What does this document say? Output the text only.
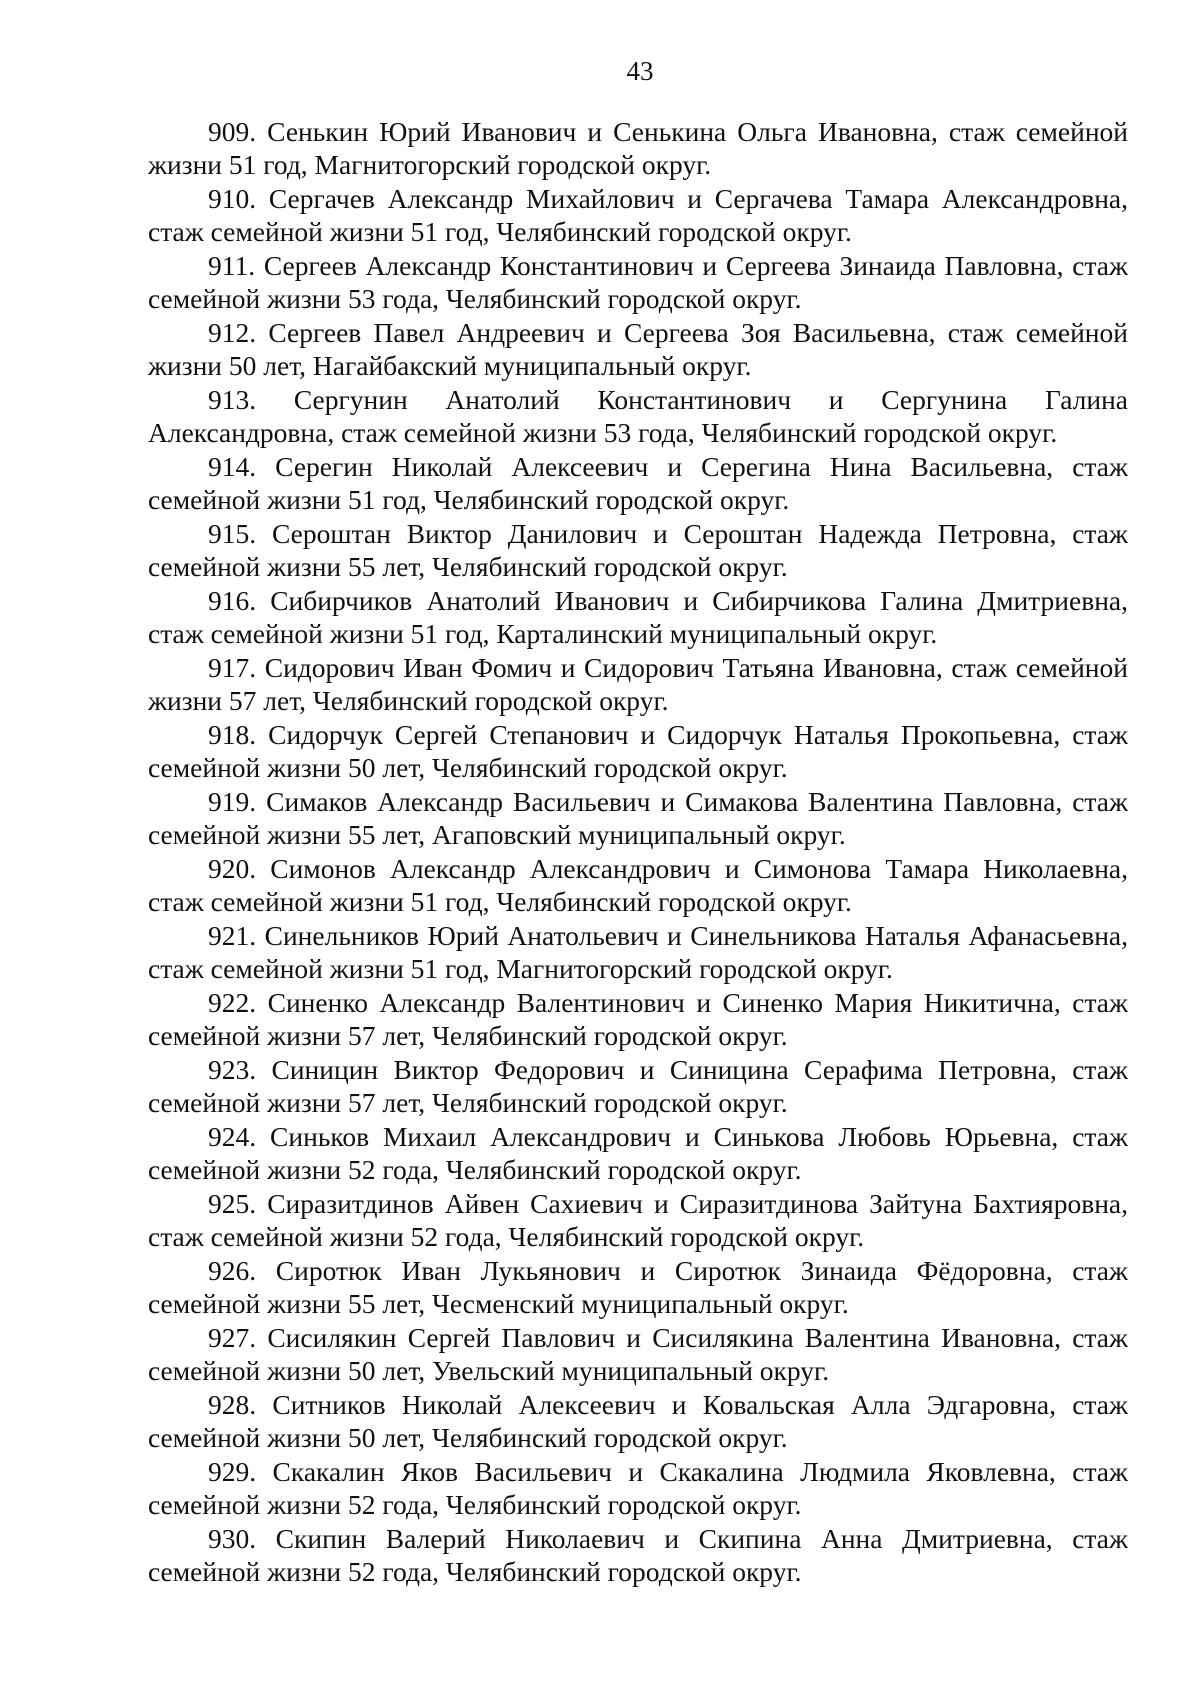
43

909. Сенькин Юрий Иванович и Сенькина Ольга Ивановна, стаж семейной жизни 51 год, Магнитогорский городской округ.

910. Сергачев Александр Михайлович и Сергачева Тамара Александровна, стаж семейной жизни 51 год, Челябинский городской округ.

911. Сергеев Александр Константинович и Сергеева Зинаида Павловна, стаж семейной жизни 53 года, Челябинский городской округ.

912. Сергеев Павел Андреевич и Сергеева Зоя Васильевна, стаж семейной жизни 50 лет, Нагайбакский муниципальный округ.

913. Сергунин Анатолий Константинович и Сергунина Галина Александровна, стаж семейной жизни 53 года, Челябинский городской округ.

914. Серегин Николай Алексеевич и Серегина Нина Васильевна, стаж семейной жизни 51 год, Челябинский городской округ.

915. Сероштан Виктор Данилович и Сероштан Надежда Петровна, стаж семейной жизни 55 лет, Челябинский городской округ.

916. Сибирчиков Анатолий Иванович и Сибирчикова Галина Дмитриевна, стаж семейной жизни 51 год, Карталинский муниципальный округ.

917. Сидорович Иван Фомич и Сидорович Татьяна Ивановна, стаж семейной жизни 57 лет, Челябинский городской округ.

918. Сидорчук Сергей Степанович и Сидорчук Наталья Прокопьевна, стаж семейной жизни 50 лет, Челябинский городской округ.

919. Симаков Александр Васильевич и Симакова Валентина Павловна, стаж семейной жизни 55 лет, Агаповский муниципальный округ.

920. Симонов Александр Александрович и Симонова Тамара Николаевна, стаж семейной жизни 51 год, Челябинский городской округ.

921. Синельников Юрий Анатольевич и Синельникова Наталья Афанасьевна, стаж семейной жизни 51 год, Магнитогорский городской округ.

922. Синенко Александр Валентинович и Синенко Мария Никитична, стаж семейной жизни 57 лет, Челябинский городской округ.

923. Синицин Виктор Федорович и Синицина Серафима Петровна, стаж семейной жизни 57 лет, Челябинский городской округ.

924. Синьков Михаил Александрович и Синькова Любовь Юрьевна, стаж семейной жизни 52 года, Челябинский городской округ.

925. Сиразитдинов Айвен Сахиевич и Сиразитдинова Зайтуна Бахтияровна, стаж семейной жизни 52 года, Челябинский городской округ.

926. Сиротюк Иван Лукьянович и Сиротюк Зинаида Фёдоровна, стаж семейной жизни 55 лет, Чесменский муниципальный округ.

927. Сисилякин Сергей Павлович и Сисилякина Валентина Ивановна, стаж семейной жизни 50 лет, Увельский муниципальный округ.

928. Ситников Николай Алексеевич и Ковальская Алла Эдгаровна, стаж семейной жизни 50 лет, Челябинский городской округ.

929. Скакалин Яков Васильевич и Скакалина Людмила Яковлевна, стаж семейной жизни 52 года, Челябинский городской округ.

930. Скипин Валерий Николаевич и Скипина Анна Дмитриевна, стаж семейной жизни 52 года, Челябинский городской округ.
